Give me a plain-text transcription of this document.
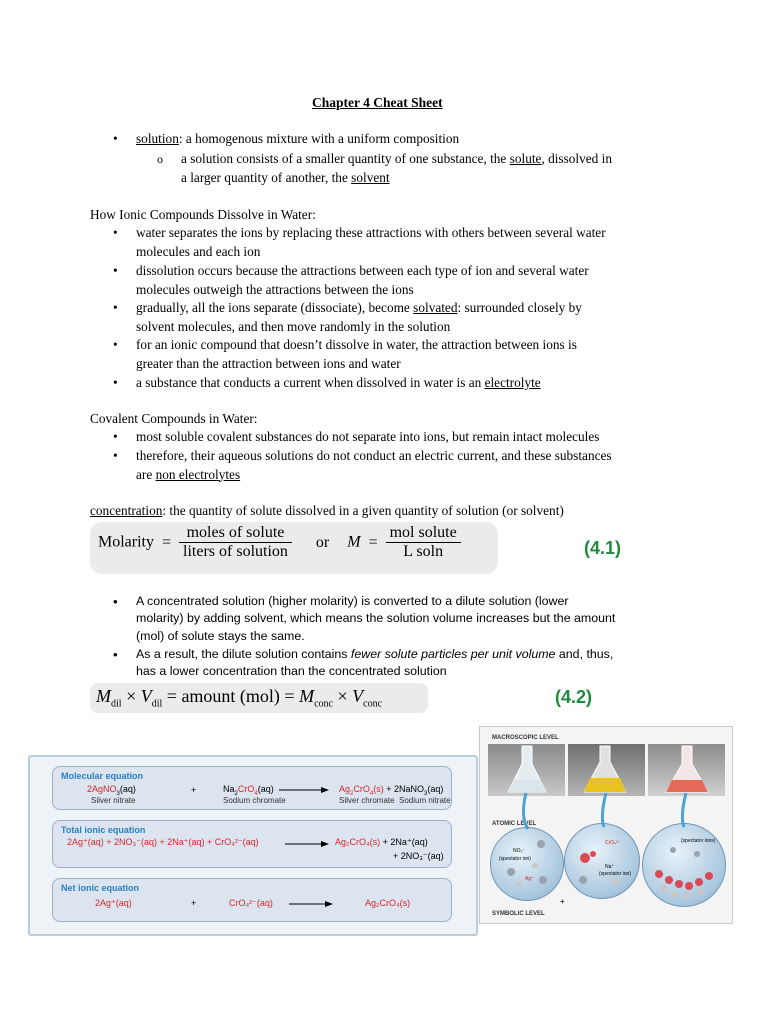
Chapter 4 Cheat Sheet
• solution: a homogenous mixture with a uniform composition
o a solution consists of a smaller quantity of one substance, the solute, dissolved in
a larger quantity of another, the solvent
How Ionic Compounds Dissolve in Water:
• water separates the ions by replacing these attractions with others between several water
molecules and each ion
• dissolution occurs because the attractions between each type of ion and several water
molecules outweigh the attractions between the ions
• gradually, all the ions separate (dissociate), become solvated: surrounded closely by
solvent molecules, and then move randomly in the solution
• for an ionic compound that doesn’t dissolve in water, the attraction between ions is
greater than the attraction between ions and water
• a substance that conducts a current when dissolved in water is an electrolyte
Covalent Compounds in Water:
• most soluble covalent substances do not separate into ions, but remain intact molecules
• therefore, their aqueous solutions do not conduct an electric current, and these substances
are non electrolytes
concentration: the quantity of solute dissolved in a given quantity of solution (or solvent)
Molarity = $\frac{\text{moles of solute}}{\text{liters of solution}}$ or $M = \frac{\text{mol solute}}{\text{L soln}}$	(4.1)
• A concentrated solution (higher molarity) is converted to a dilute solution (lower
molarity) by adding solvent, which means the solution volume increases but the amount
(mol) of solute stays the same.
• As a result, the dilute solution contains fewer solute particles per unit volume and, thus,
has a lower concentration than the concentrated solution
$M_{dil} \times V_{dil}$ = amount $(mol) = M_{conc} \times V_{conc}$	(4.2)
Molecular equation
2AgNO$_3$(aq)
Silver nitrate
+	$Na_2CrO_4(aq)$
Sodium chromate
→ $Ag_2CrO_4(s)$ + 2NaNO$_3$(aq)
Silver chromate Sodium nitrate
Total ionic equation
2Ag⁺(aq) + 2NO₃⁻(aq) + 2Na⁺(aq) + CrO₄²⁻(aq) → Ag₂CrO₄(s) + 2Na⁺(aq)
+ 2NO₃⁻(aq)
Net ionic equation
2Ag⁺(aq)	+	CrO₄²⁻(aq) →	Ag₂CrO₄(s)
MACROSCOPIC LEVEL
ATOMIC LEVEL
NO₃⁻
(spectator ion)
Ag⁺
CrO₄²⁻
Na⁺
(spectator ion)
+
(spectator ions)
SYMBOLIC LEVEL
